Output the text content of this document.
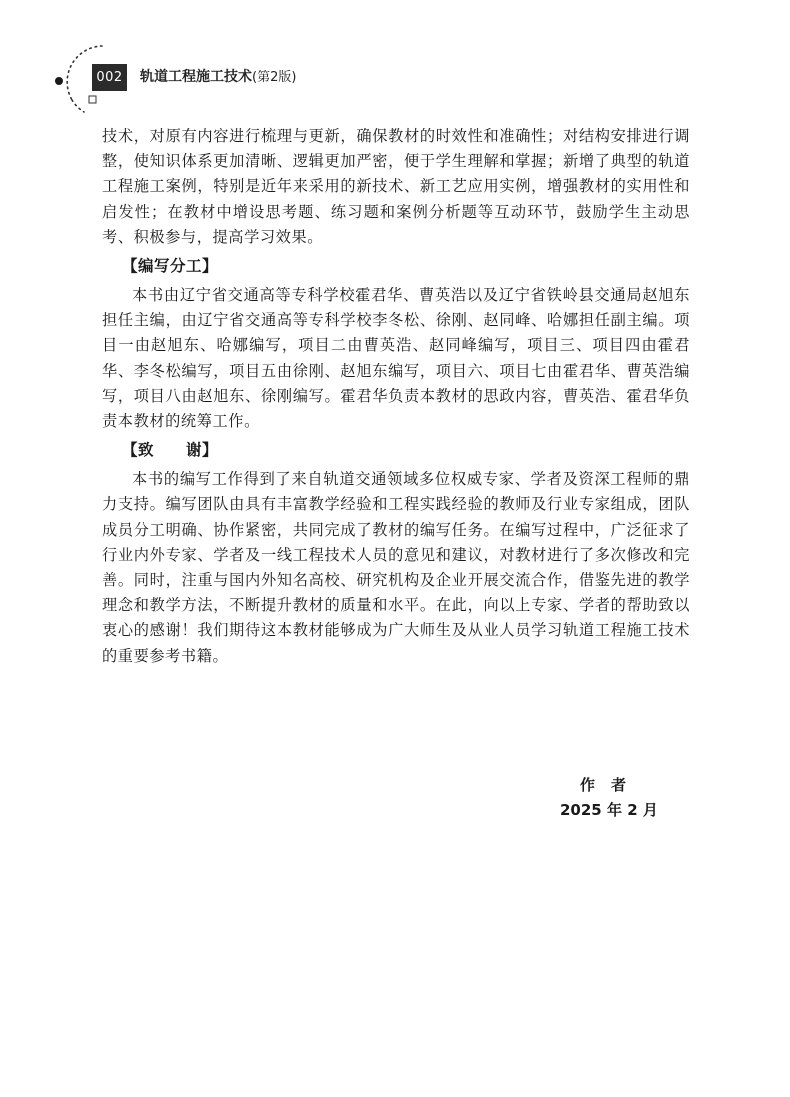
002	轨道工程施工技术(第2版)

技术，对原有内容进行梳理与更新，确保教材的时效性和准确性；对结构安排进行调整，使知识体系更加清晰、逻辑更加严密，便于学生理解和掌握；新增了典型的轨道工程施工案例，特别是近年来采用的新技术、新工艺应用实例，增强教材的实用性和启发性；在教材中增设思考题、练习题和案例分析题等互动环节，鼓励学生主动思考、积极参与，提高学习效果。

【编写分工】

本书由辽宁省交通高等专科学校霍君华、曹英浩以及辽宁省铁岭县交通局赵旭东担任主编，由辽宁省交通高等专科学校李冬松、徐刚、赵同峰、哈娜担任副主编。项目一由赵旭东、哈娜编写，项目二由曹英浩、赵同峰编写，项目三、项目四由霍君华、李冬松编写，项目五由徐刚、赵旭东编写，项目六、项目七由霍君华、曹英浩编写，项目八由赵旭东、徐刚编写。霍君华负责本教材的思政内容，曹英浩、霍君华负责本教材的统筹工作。

【致　　谢】

本书的编写工作得到了来自轨道交通领域多位权威专家、学者及资深工程师的鼎力支持。编写团队由具有丰富教学经验和工程实践经验的教师及行业专家组成，团队成员分工明确、协作紧密，共同完成了教材的编写任务。在编写过程中，广泛征求了行业内外专家、学者及一线工程技术人员的意见和建议，对教材进行了多次修改和完善。同时，注重与国内外知名高校、研究机构及企业开展交流合作，借鉴先进的教学理念和教学方法，不断提升教材的质量和水平。在此，向以上专家、学者的帮助致以衷心的感谢！我们期待这本教材能够成为广大师生及从业人员学习轨道工程施工技术的重要参考书籍。

作　者
2025 年 2 月
